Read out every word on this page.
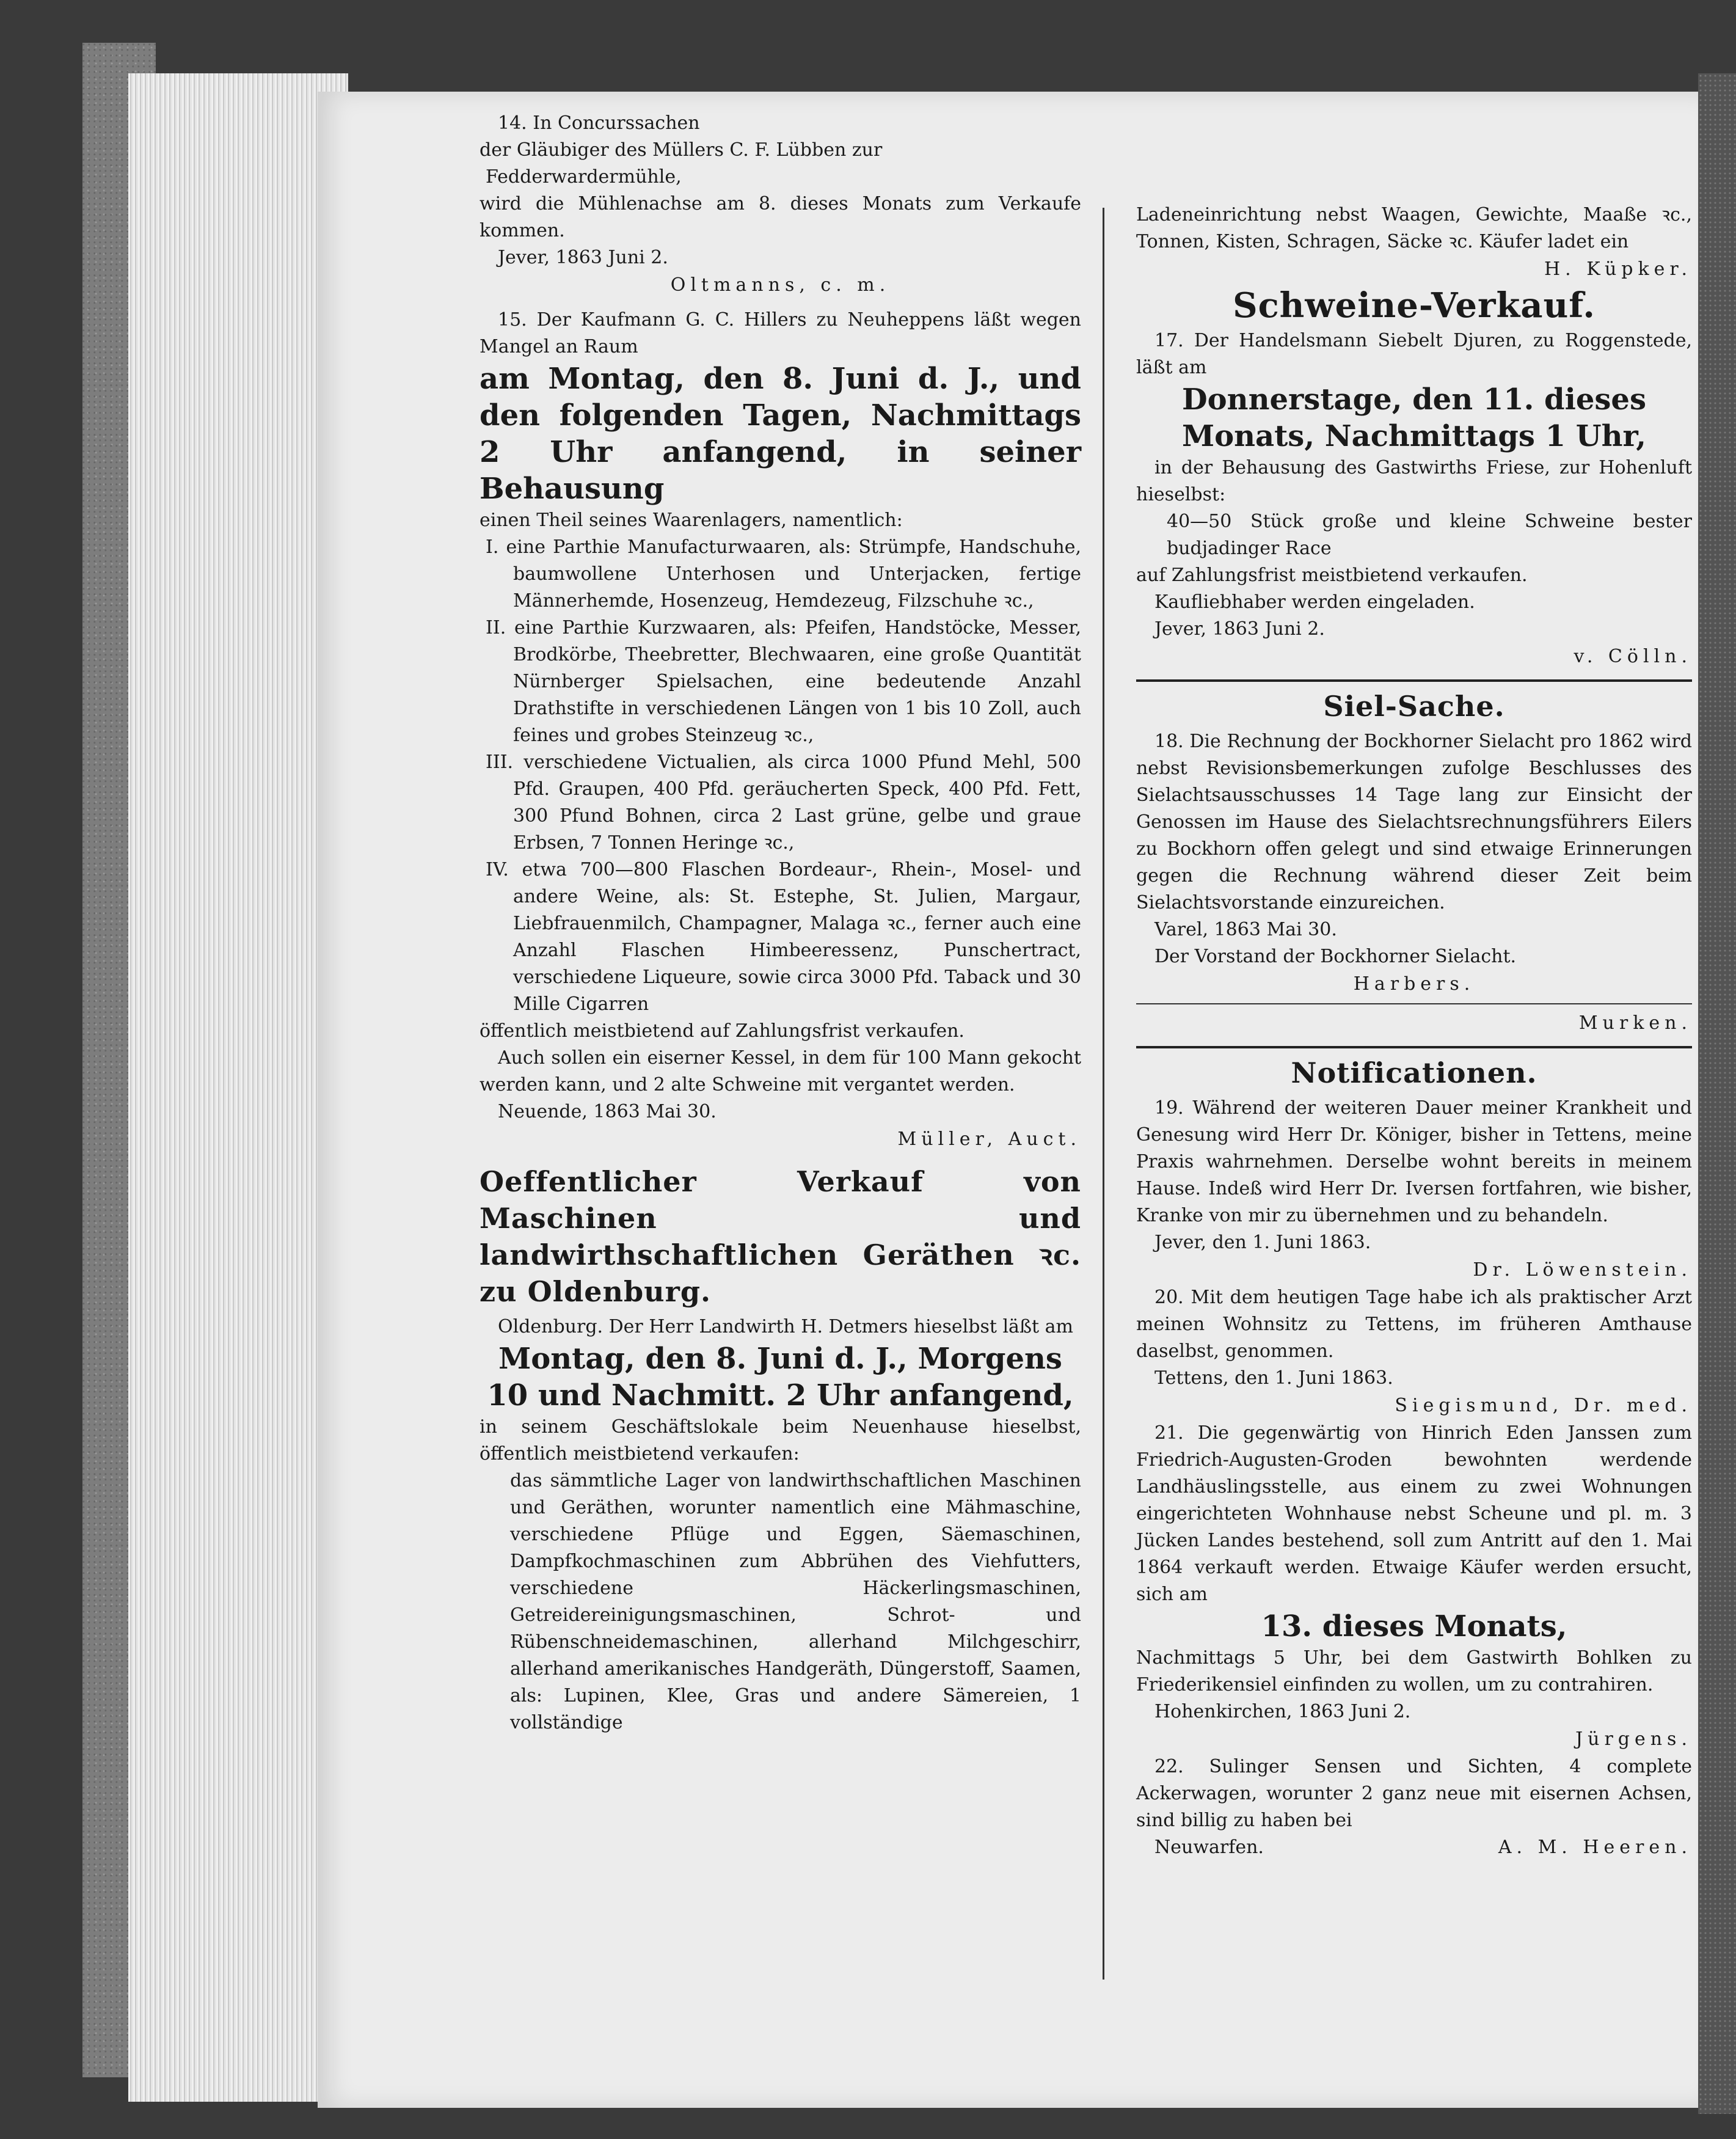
14. In Concurssachen

der Gläubiger des Müllers C. F. Lübben zur

Fedderwardermühle,

wird die Mühlenachse am 8. dieses Monats zum Verkaufe kommen.

Jever, 1863 Juni 2.

Oltmanns, c. m.

15. Der Kaufmann G. C. Hillers zu Neuheppens läßt wegen Mangel an Raum

am Montag, den 8. Juni d. J., und den folgenden Tagen, Nachmittags 2 Uhr anfangend, in seiner Behausung

einen Theil seines Waarenlagers, namentlich:

I. eine Parthie Manufacturwaaren, als: Strümpfe, Handschuhe, baumwollene Unterhosen und Unterjacken, fertige Männerhemde, Hosenzeug, Hemdezeug, Filzschuhe ꝛc.,

II. eine Parthie Kurzwaaren, als: Pfeifen, Handstöcke, Messer, Brodkörbe, Theebretter, Blechwaaren, eine große Quantität Nürnberger Spielsachen, eine bedeutende Anzahl Drathstifte in verschiedenen Längen von 1 bis 10 Zoll, auch feines und grobes Steinzeug ꝛc.,

III. verschiedene Victualien, als circa 1000 Pfund Mehl, 500 Pfd. Graupen, 400 Pfd. geräucherten Speck, 400 Pfd. Fett, 300 Pfund Bohnen, circa 2 Last grüne, gelbe und graue Erbsen, 7 Tonnen Heringe ꝛc.,

IV. etwa 700—800 Flaschen Bordeaur-, Rhein-, Mosel- und andere Weine, als: St. Estephe, St. Julien, Margaur, Liebfrauenmilch, Champagner, Malaga ꝛc., ferner auch eine Anzahl Flaschen Himbeeressenz, Punschertract, verschiedene Liqueure, sowie circa 3000 Pfd. Taback und 30 Mille Cigarren

öffentlich meistbietend auf Zahlungsfrist verkaufen.

Auch sollen ein eiserner Kessel, in dem für 100 Mann gekocht werden kann, und 2 alte Schweine mit vergantet werden.

Neuende, 1863 Mai 30.

Müller, Auct.

Oeffentlicher Verkauf von Maschinen und landwirthschaftlichen Geräthen ꝛc. zu Oldenburg.

Oldenburg. Der Herr Landwirth H. Detmers hieselbst läßt am

Montag, den 8. Juni d. J., Morgens 10 und Nachmitt. 2 Uhr anfangend,

in seinem Geschäftslokale beim Neuenhause hieselbst, öffentlich meistbietend verkaufen:

das sämmtliche Lager von landwirthschaftlichen Maschinen und Geräthen, worunter namentlich eine Mähmaschine, verschiedene Pflüge und Eggen, Säemaschinen, Dampfkochmaschinen zum Abbrühen des Viehfutters, verschiedene Häckerlingsmaschinen, Getreidereinigungsmaschinen, Schrot- und Rübenschneidemaschinen, allerhand Milchgeschirr, allerhand amerikanisches Handgeräth, Düngerstoff, Saamen, als: Lupinen, Klee, Gras und andere Sämereien, 1 vollständige

Ladeneinrichtung nebst Waagen, Gewichte, Maaße ꝛc., Tonnen, Kisten, Schragen, Säcke ꝛc. Käufer ladet ein

H. Küpker.

Schweine-Verkauf.

17. Der Handelsmann Siebelt Djuren, zu Roggenstede, läßt am

Donnerstage, den 11. dieses Monats, Nachmittags 1 Uhr,

in der Behausung des Gastwirths Friese, zur Hohenluft hieselbst:

40—50 Stück große und kleine Schweine bester budjadinger Race

auf Zahlungsfrist meistbietend verkaufen.

Kaufliebhaber werden eingeladen.

Jever, 1863 Juni 2.

v. Cölln.

Siel-Sache.

18. Die Rechnung der Bockhorner Sielacht pro 1862 wird nebst Revisionsbemerkungen zufolge Beschlusses des Sielachtsausschusses 14 Tage lang zur Einsicht der Genossen im Hause des Sielachtsrechnungsführers Eilers zu Bockhorn offen gelegt und sind etwaige Erinnerungen gegen die Rechnung während dieser Zeit beim Sielachtsvorstande einzureichen.

Varel, 1863 Mai 30.

Der Vorstand der Bockhorner Sielacht.

Harbers.

Murken.

Notificationen.

19. Während der weiteren Dauer meiner Krankheit und Genesung wird Herr Dr. Königer, bisher in Tettens, meine Praxis wahrnehmen. Derselbe wohnt bereits in meinem Hause. Indeß wird Herr Dr. Iversen fortfahren, wie bisher, Kranke von mir zu übernehmen und zu behandeln.

Jever, den 1. Juni 1863.

Dr. Löwenstein.

20. Mit dem heutigen Tage habe ich als praktischer Arzt meinen Wohnsitz zu Tettens, im früheren Amthause daselbst, genommen.

Tettens, den 1. Juni 1863.

Siegismund, Dr. med.

21. Die gegenwärtig von Hinrich Eden Janssen zum Friedrich-Augusten-Groden bewohnten werdende Landhäuslingsstelle, aus einem zu zwei Wohnungen eingerichteten Wohnhause nebst Scheune und pl. m. 3 Jücken Landes bestehend, soll zum Antritt auf den 1. Mai 1864 verkauft werden. Etwaige Käufer werden ersucht, sich am

13. dieses Monats,

Nachmittags 5 Uhr, bei dem Gastwirth Bohlken zu Friederikensiel einfinden zu wollen, um zu contrahiren.

Hohenkirchen, 1863 Juni 2.

Jürgens.

22. Sulinger Sensen und Sichten, 4 complete Ackerwagen, worunter 2 ganz neue mit eisernen Achsen, sind billig zu haben bei

Neuwarfen.	A. M. Heeren.
